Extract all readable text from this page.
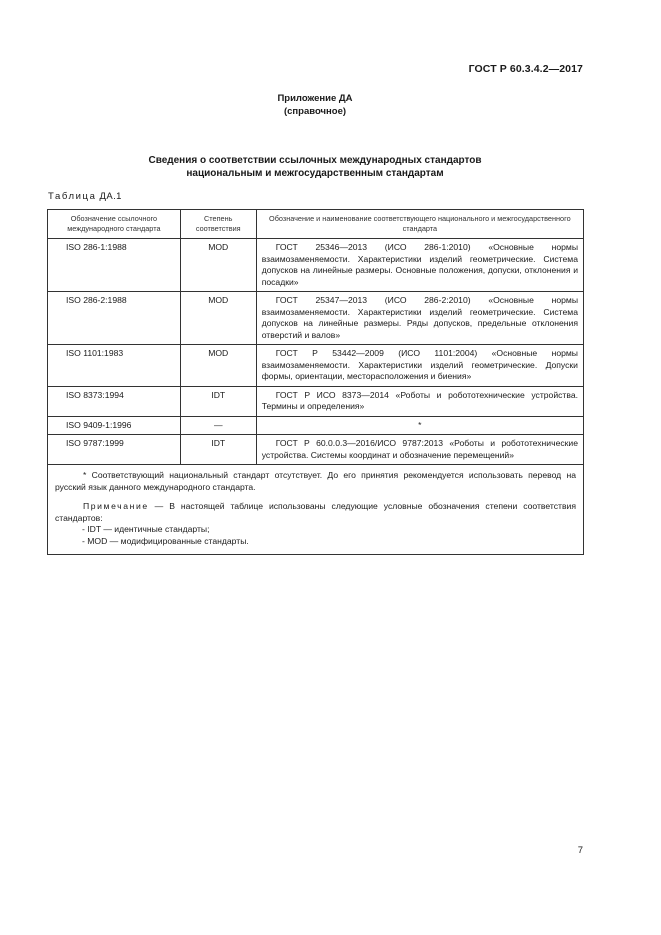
ГОСТ Р 60.3.4.2—2017
Приложение ДА
(справочное)
Сведения о соответствии ссылочных международных стандартов
национальным и межгосударственным стандартам
Таблица ДА.1
Обозначение ссылочного международного стандарта	Степень соответствия	Обозначение и наименование соответствующего национального и межгосударственного стандарта
ISO 286-1:1988	MOD	ГОСТ 25346—2013 (ИСО 286-1:2010) «Основные нормы взаимозаменяемости. Характеристики изделий геометрические. Система допусков на линейные размеры. Основные положения, допуски, отклонения и посадки»
ISO 286-2:1988	MOD	ГОСТ 25347—2013 (ИСО 286-2:2010) «Основные нормы взаимозаменяемости. Характеристики изделий геометрические. Система допусков на линейные размеры. Ряды допусков, предельные отклонения отверстий и валов»
ISO 1101:1983	MOD	ГОСТ Р 53442—2009 (ИСО 1101:2004) «Основные нормы взаимозаменяемости. Характеристики изделий геометрические. Допуски формы, ориентации, месторасположения и биения»
ISO 8373:1994	IDT	ГОСТ Р ИСО 8373—2014 «Роботы и робототехнические устройства. Термины и определения»
ISO 9409-1:1996	—	*
ISO 9787:1999	IDT	ГОСТ Р 60.0.0.3—2016/ИСО 9787:2013 «Роботы и робототехнические устройства. Системы координат и обозначение перемещений»

* Соответствующий национальный стандарт отсутствует. До его принятия рекомендуется использовать перевод на русский язык данного международного стандарта.

Примечание — В настоящей таблице использованы следующие условные обозначения степени соответствия стандартов:

- IDT — идентичные стандарты;

- MOD — модифицированные стандарты.		

7
